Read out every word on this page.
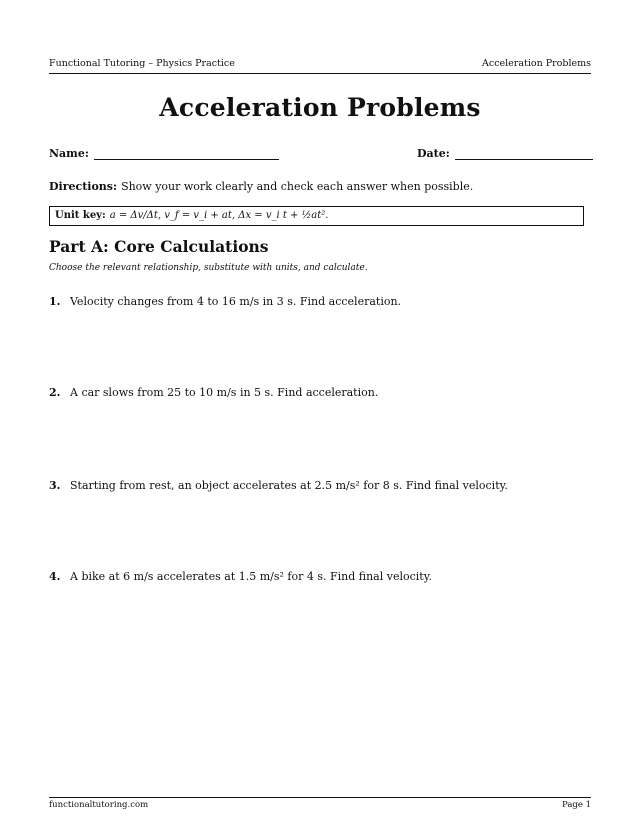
Functional Tutoring – Physics Practice	Acceleration Problems
Acceleration Problems
Name:	Date:
Directions: Show your work clearly and check each answer when possible.
Unit key: a = Δv/Δt, v_f = v_i + at, Δx = v_i t + ½at².
Part A: Core Calculations
Choose the relevant relationship, substitute with units, and calculate.
1. Velocity changes from 4 to 16 m/s in 3 s. Find acceleration.
2. A car slows from 25 to 10 m/s in 5 s. Find acceleration.
3. Starting from rest, an object accelerates at 2.5 m/s² for 8 s. Find final velocity.
4. A bike at 6 m/s accelerates at 1.5 m/s² for 4 s. Find final velocity.
functionaltutoring.com	Page 1
